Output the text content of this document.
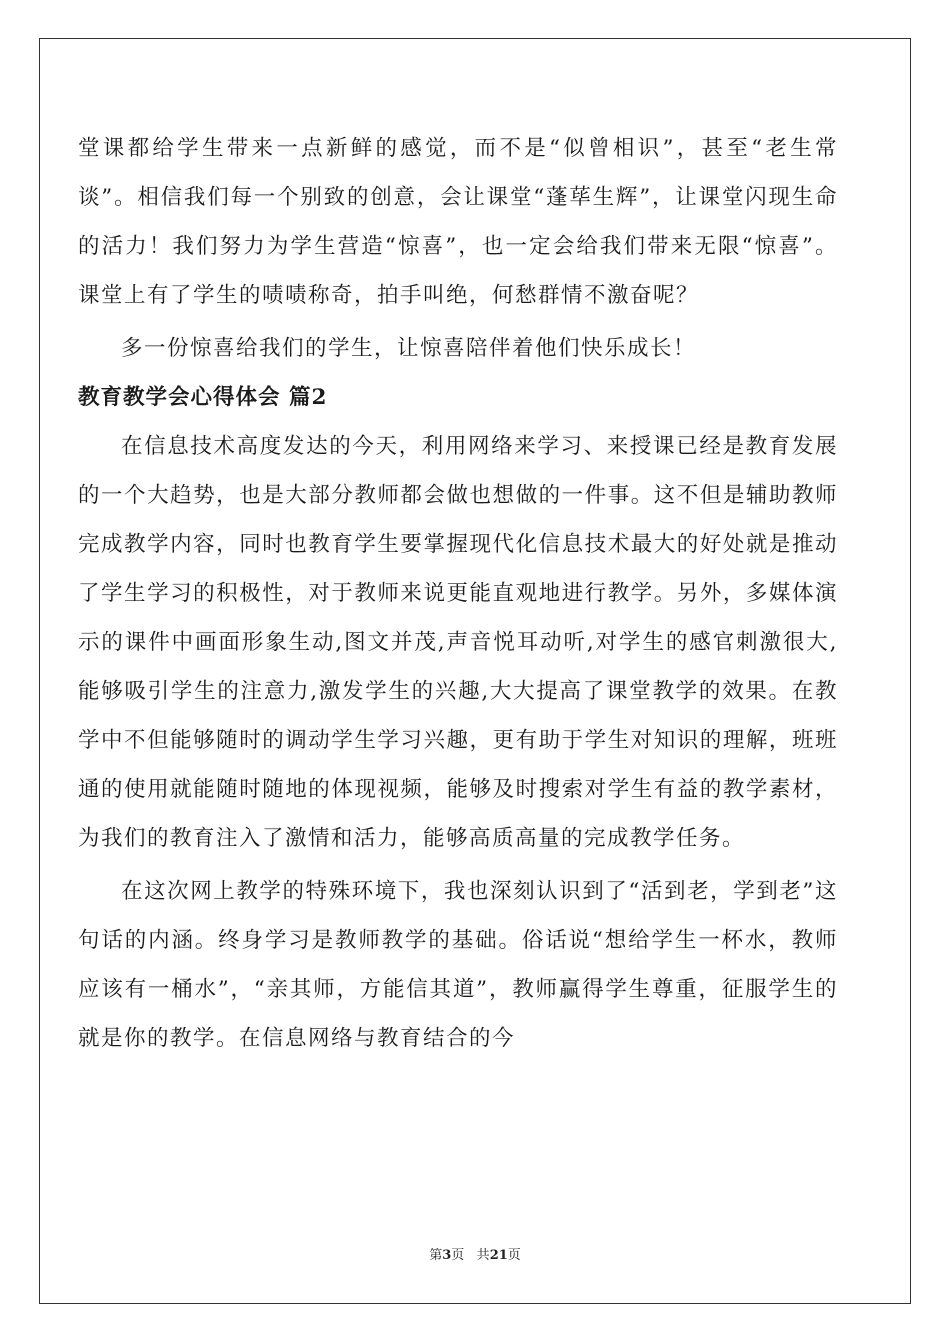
堂课都给学生带来一点新鲜的感觉，而不是“似曾相识”，甚至“老生常谈”。相信我们每一个别致的创意，会让课堂“蓬荜生辉”，让课堂闪现生命的活力！我们努力为学生营造“惊喜”，也一定会给我们带来无限“惊喜”。课堂上有了学生的啧啧称奇，拍手叫绝，何愁群情不激奋呢？

多一份惊喜给我们的学生，让惊喜陪伴着他们快乐成长！

教育教学会心得体会 篇2

在信息技术高度发达的今天，利用网络来学习、来授课已经是教育发展的一个大趋势，也是大部分教师都会做也想做的一件事。这不但是辅助教师完成教学内容，同时也教育学生要掌握现代化信息技术最大的好处就是推动了学生学习的积极性，对于教师来说更能直观地进行教学。另外，多媒体演示的课件中画面形象生动,图文并茂,声音悦耳动听,对学生的感官刺激很大,能够吸引学生的注意力,激发学生的兴趣,大大提高了课堂教学的效果。在教学中不但能够随时的调动学生学习兴趣，更有助于学生对知识的理解，班班通的使用就能随时随地的体现视频，能够及时搜索对学生有益的教学素材，为我们的教育注入了激情和活力，能够高质高量的完成教学任务。

在这次网上教学的特殊环境下，我也深刻认识到了“活到老，学到老”这句话的内涵。终身学习是教师教学的基础。俗话说“想给学生一杯水，教师应该有一桶水”，“亲其师，方能信其道”，教师赢得学生尊重，征服学生的就是你的教学。在信息网络与教育结合的今

第3页 共21页
